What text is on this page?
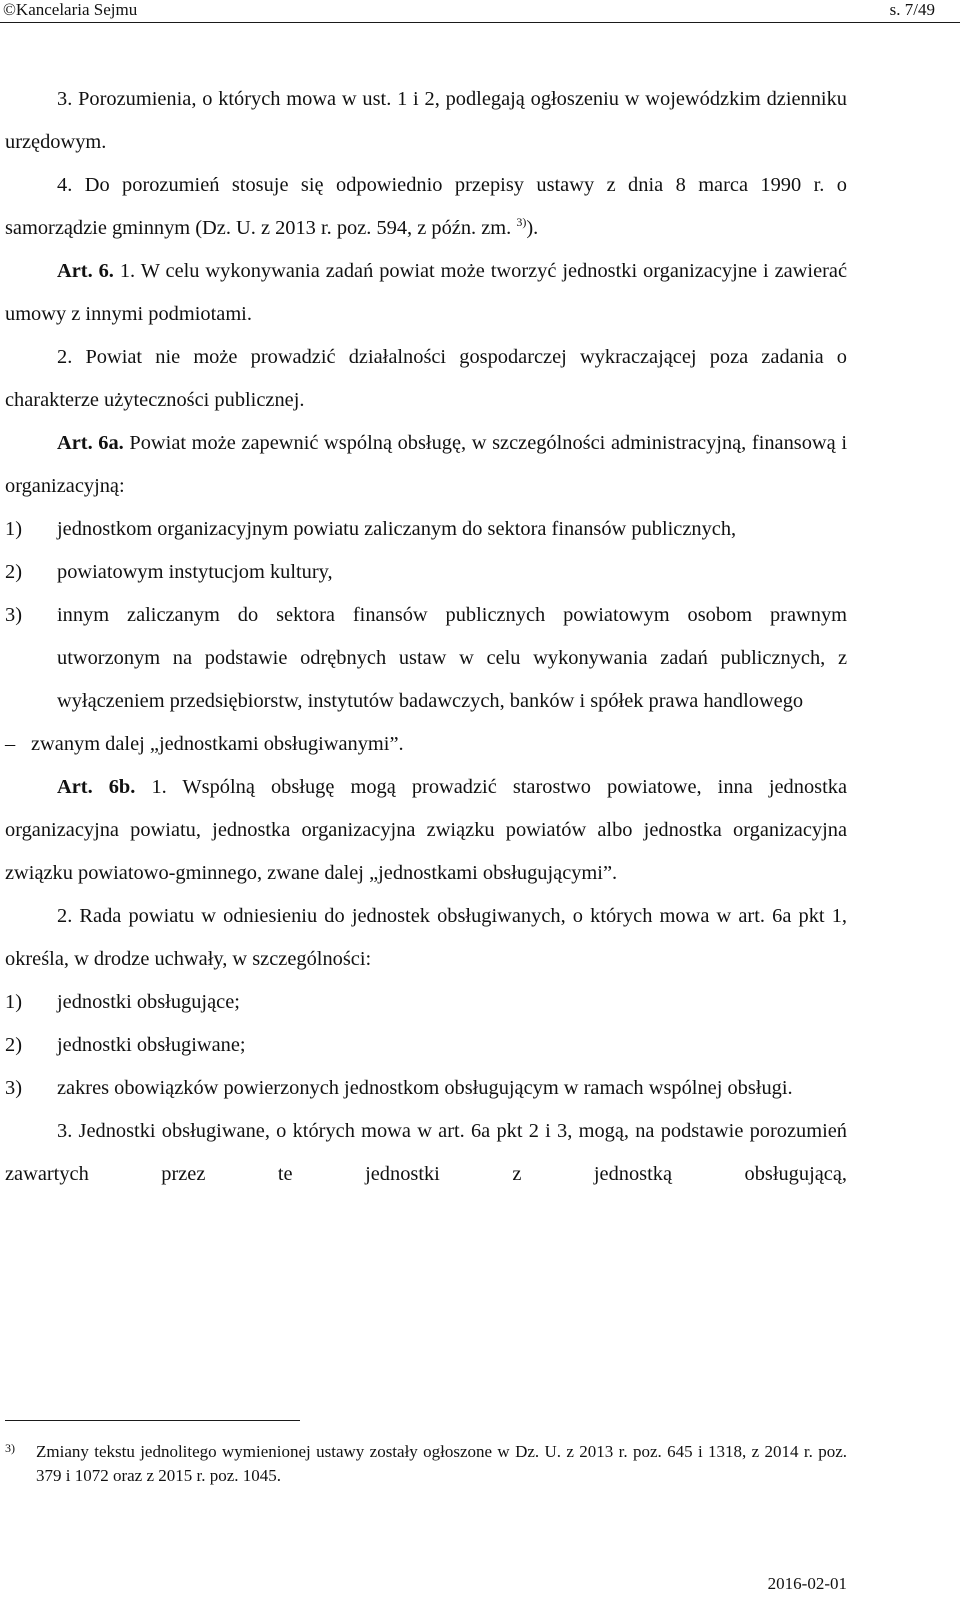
©Kancelaria Sejmu	s. 7/49

3. Porozumienia, o których mowa w ust. 1 i 2, podlegają ogłoszeniu w wojewódzkim dzienniku urzędowym.

4. Do porozumień stosuje się odpowiednio przepisy ustawy z dnia 8 marca 1990 r. o samorządzie gminnym (Dz. U. z 2013 r. poz. 594, z późn. zm. $^{3)}$).

Art. 6. 1. W celu wykonywania zadań powiat może tworzyć jednostki organizacyjne i zawierać umowy z innymi podmiotami.

2. Powiat nie może prowadzić działalności gospodarczej wykraczającej poza zadania o charakterze użyteczności publicznej.

Art. 6a. Powiat może zapewnić wspólną obsługę, w szczególności administracyjną, finansową i organizacyjną:

1)	jednostkom organizacyjnym powiatu zaliczanym do sektora finansów publicznych,
2)	powiatowym instytucjom kultury,
3)	innym zaliczanym do sektora finansów publicznych powiatowym osobom prawnym utworzonym na podstawie odrębnych ustaw w celu wykonywania zadań publicznych, z wyłączeniem przedsiębiorstw, instytutów badawczych, banków i spółek prawa handlowego
– zwanym dalej „jednostkami obsługiwanymi”.

Art. 6b. 1. Wspólną obsługę mogą prowadzić starostwo powiatowe, inna jednostka organizacyjna powiatu, jednostka organizacyjna związku powiatów albo jednostka organizacyjna związku powiatowo-gminnego, zwane dalej „jednostkami obsługującymi”.

2. Rada powiatu w odniesieniu do jednostek obsługiwanych, o których mowa w art. 6a pkt 1, określa, w drodze uchwały, w szczególności:

1)	jednostki obsługujące;
2)	jednostki obsługiwane;
3)	zakres obowiązków powierzonych jednostkom obsługującym w ramach wspólnej obsługi.

3. Jednostki obsługiwane, o których mowa w art. 6a pkt 2 i 3, mogą, na podstawie porozumień zawartych przez te jednostki z jednostką obsługującą,

3)	Zmiany tekstu jednolitego wymienionej ustawy zostały ogłoszone w Dz. U. z 2013 r. poz. 645 i 1318, z 2014 r. poz. 379 i 1072 oraz z 2015 r. poz. 1045.
2016-02-01
